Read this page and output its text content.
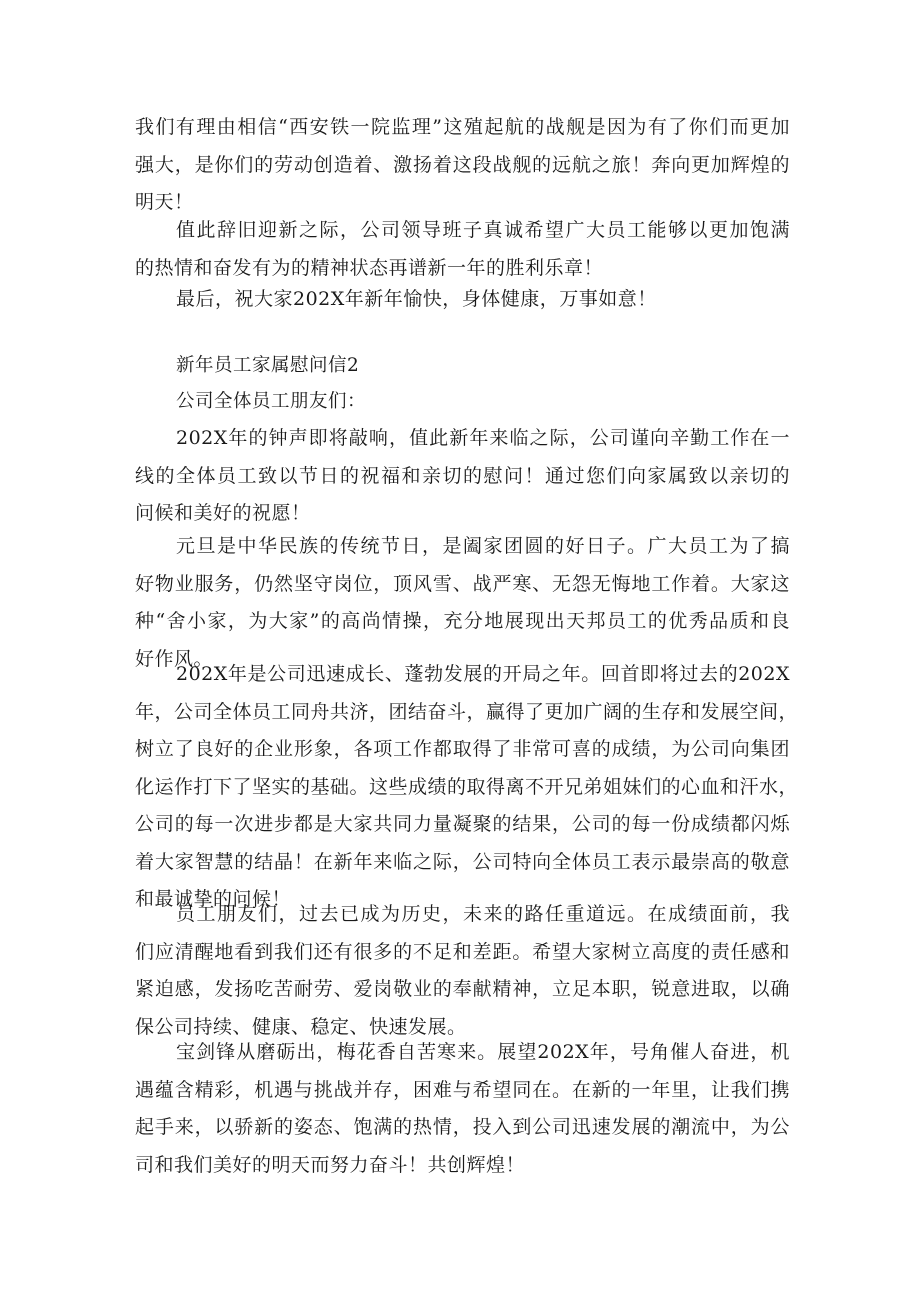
我们有理由相信“西安铁一院监理”这殖起航的战舰是因为有了你们而更加
强大，是你们的劳动创造着、激扬着这段战舰的远航之旅！奔向更加辉煌的
明天！
值此辞旧迎新之际，公司领导班子真诚希望广大员工能够以更加饱满
的热情和奋发有为的精神状态再谱新一年的胜利乐章！
最后，祝大家202X年新年愉快，身体健康，万事如意！
新年员工家属慰问信2
公司全体员工朋友们：
202X年的钟声即将敲响，值此新年来临之际，公司谨向辛勤工作在一
线的全体员工致以节日的祝福和亲切的慰问！通过您们向家属致以亲切的
问候和美好的祝愿！
元旦是中华民族的传统节日，是阖家团圆的好日子。广大员工为了搞
好物业服务，仍然坚守岗位，顶风雪、战严寒、无怨无悔地工作着。大家这
种“舍小家，为大家”的高尚情操，充分地展现出天邦员工的优秀品质和良
好作风。
202X年是公司迅速成长、蓬勃发展的开局之年。回首即将过去的202X
年，公司全体员工同舟共济，团结奋斗，赢得了更加广阔的生存和发展空间，
树立了良好的企业形象，各项工作都取得了非常可喜的成绩，为公司向集团
化运作打下了坚实的基础。这些成绩的取得离不开兄弟姐妹们的心血和汗水，
公司的每一次进步都是大家共同力量凝聚的结果，公司的每一份成绩都闪烁
着大家智慧的结晶！在新年来临之际，公司特向全体员工表示最崇高的敬意
和最诚挚的问候！
员工朋友们，过去已成为历史，未来的路任重道远。在成绩面前，我
们应清醒地看到我们还有很多的不足和差距。希望大家树立高度的责任感和
紧迫感，发扬吃苦耐劳、爱岗敬业的奉献精神，立足本职，锐意进取，以确
保公司持续、健康、稳定、快速发展。
宝剑锋从磨砺出，梅花香自苦寒来。展望202X年，号角催人奋进，机
遇蕴含精彩，机遇与挑战并存，困难与希望同在。在新的一年里，让我们携
起手来，以骄新的姿态、饱满的热情，投入到公司迅速发展的潮流中，为公
司和我们美好的明天而努力奋斗！共创辉煌！
